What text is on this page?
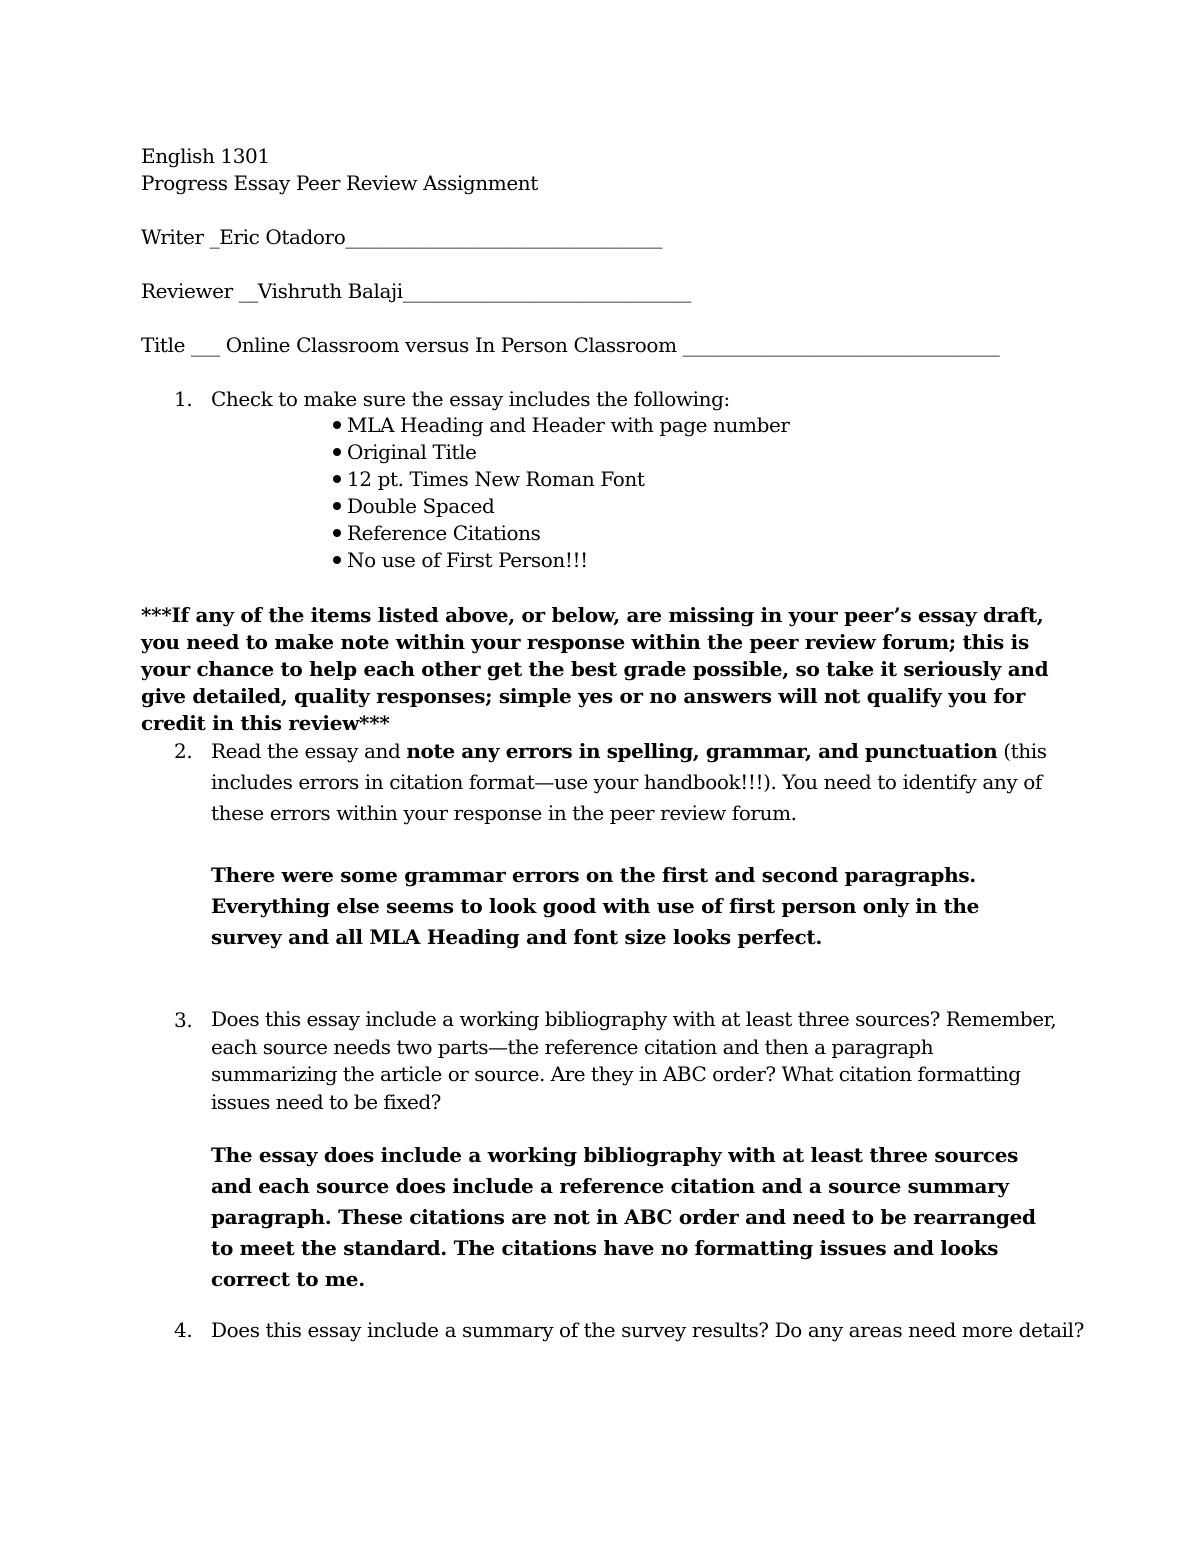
English 1301
Progress Essay Peer Review Assignment
Writer _Eric Otadoro_________________________________
Reviewer __Vishruth Balaji______________________________
Title ___ Online Classroom versus In Person Classroom _________________________________
1. Check to make sure the essay includes the following:
MLA Heading and Header with page number
Original Title
12 pt. Times New Roman Font
Double Spaced
Reference Citations
No use of First Person!!!
***If any of the items listed above, or below, are missing in your peer’s essay draft, you need to make note within your response within the peer review forum; this is your chance to help each other get the best grade possible, so take it seriously and give detailed, quality responses; simple yes or no answers will not qualify you for credit in this review***
2. Read the essay and note any errors in spelling, grammar, and punctuation (this includes errors in citation format—use your handbook!!!). You need to identify any of these errors within your response in the peer review forum.
There were some grammar errors on the first and second paragraphs. Everything else seems to look good with use of first person only in the survey and all MLA Heading and font size looks perfect.
3. Does this essay include a working bibliography with at least three sources? Remember, each source needs two parts—the reference citation and then a paragraph summarizing the article or source. Are they in ABC order? What citation formatting issues need to be fixed?
The essay does include a working bibliography with at least three sources and each source does include a reference citation and a source summary paragraph. These citations are not in ABC order and need to be rearranged to meet the standard. The citations have no formatting issues and looks correct to me.
4. Does this essay include a summary of the survey results? Do any areas need more detail?
